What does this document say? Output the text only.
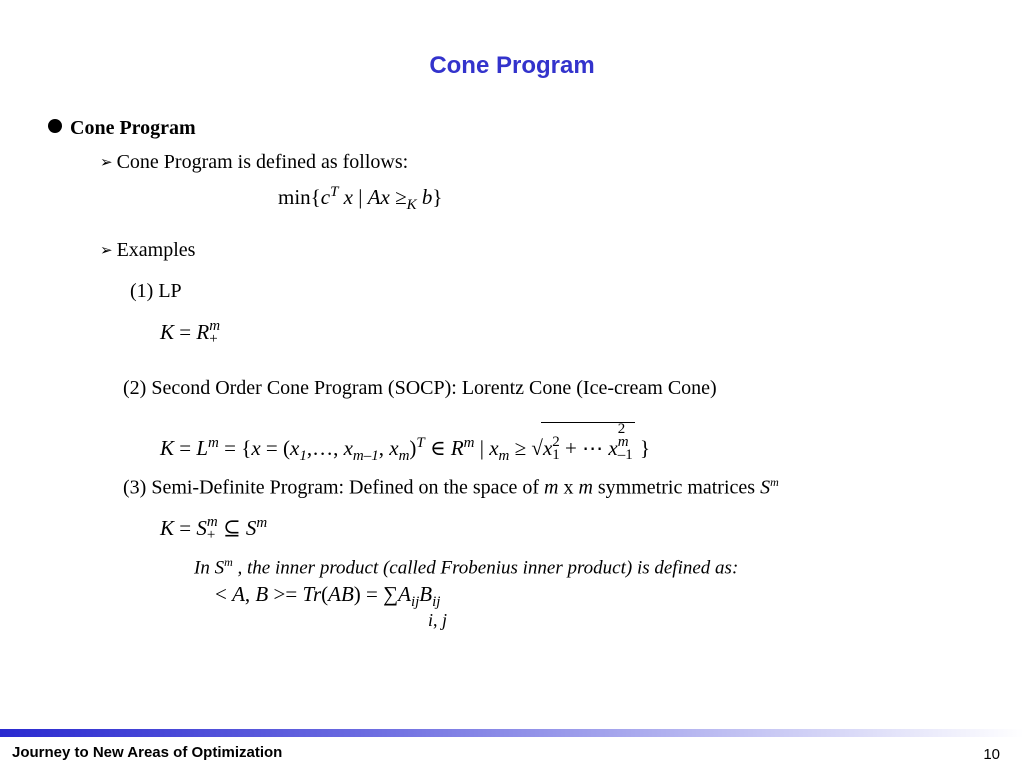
Cone Program
Cone Program
➢ Cone Program is defined as follows:
$\min\{c^T$ x | $Ax \ge_K$ b}
➢ Examples
(1) LP
K = R m
+
(2) Second Order Cone Program (SOCP): Lorentz Cone (Ice-cream Cone)
$K = L^m = \{x$ = ($x_1,\dots$, $x_{m-1}$, $x_m)^T$ ∈ $R^m$ | $x_m \ge √x$ 2
1 + ⋯ x
2
m
–1 }
(3) Semi-Definite Program: Defined on the space of m x m symmetric matrices $S^m$
K = S m
+ ⊆ $S^m$
In $S^m$ , the inner product (called Frobenius inner product) is defined as:
< A, $B >= Tr(AB) = \sum A_{ij}B_{ij}$
i, j
Journey to New Areas of Optimization	10
